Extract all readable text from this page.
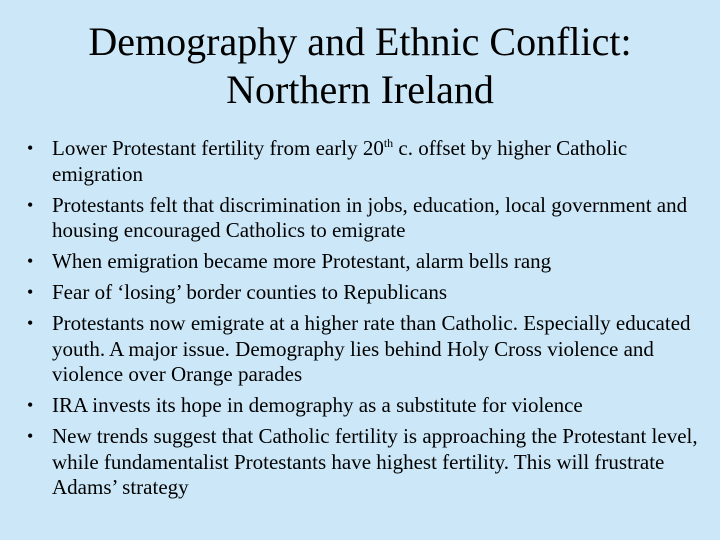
Demography and Ethnic Conflict:
Northern Ireland
• Lower Protestant fertility from early 20th c. offset by higher Catholic emigration
• Protestants felt that discrimination in jobs, education, local government and housing encouraged Catholics to emigrate
• When emigration became more Protestant, alarm bells rang
• Fear of ‘losing’ border counties to Republicans
• Protestants now emigrate at a higher rate than Catholic. Especially educated youth. A major issue. Demography lies behind Holy Cross violence and violence over Orange parades
• IRA invests its hope in demography as a substitute for violence
• New trends suggest that Catholic fertility is approaching the Protestant level, while fundamentalist Protestants have highest fertility. This will frustrate Adams’ strategy
